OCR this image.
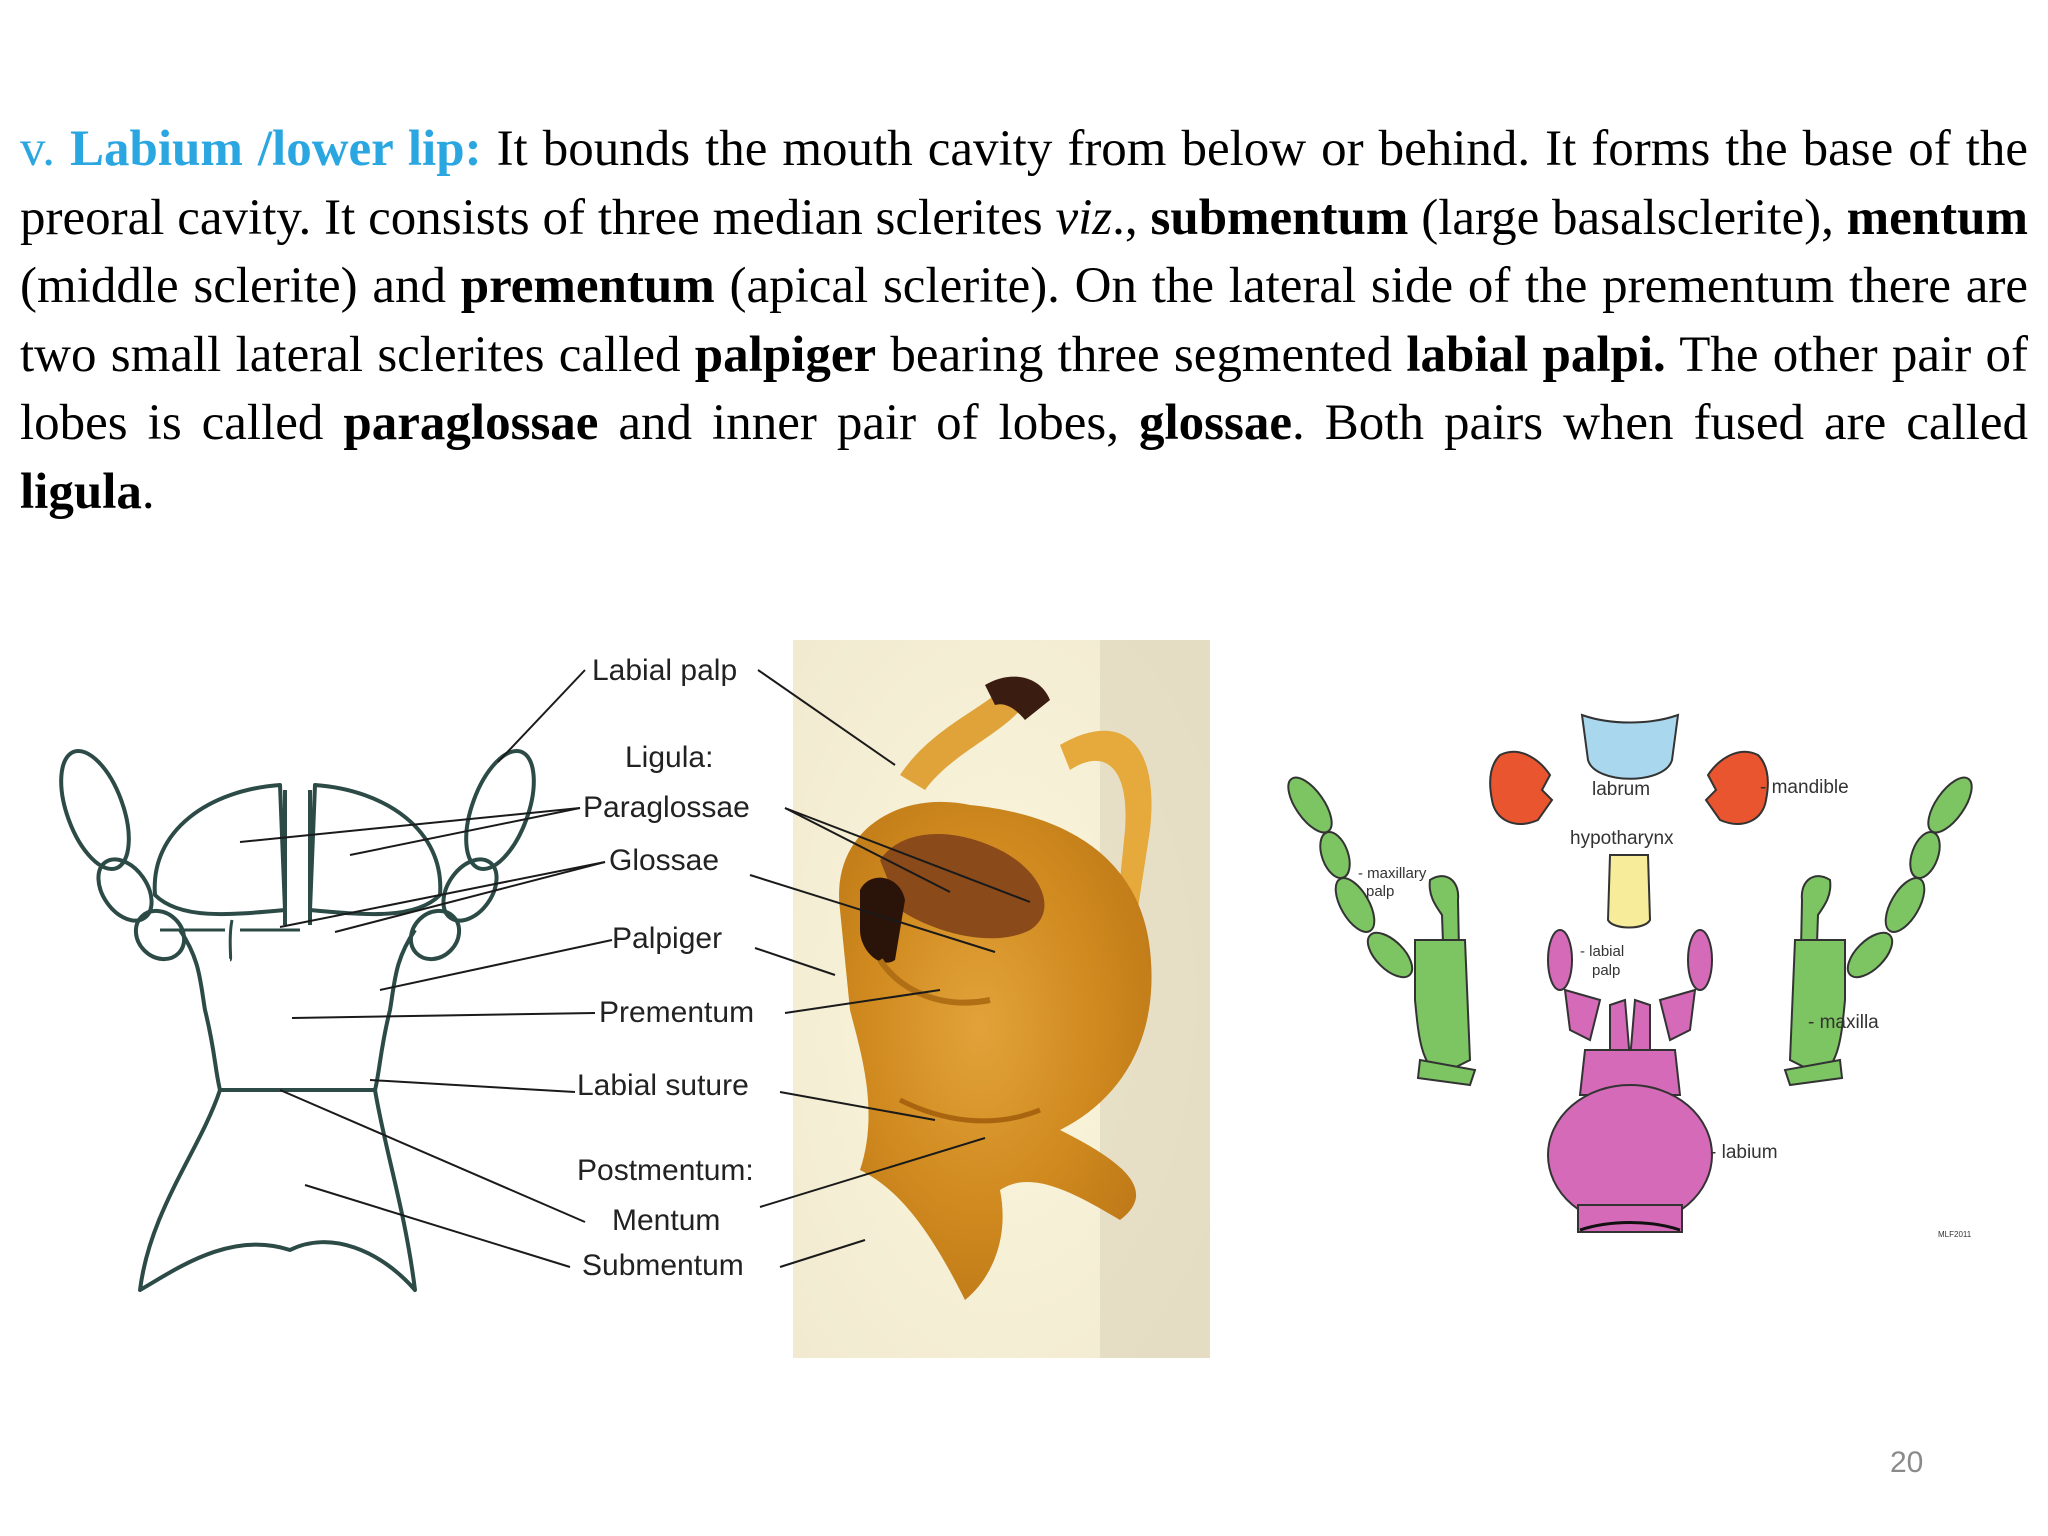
v. Labium /lower lip: It bounds the mouth cavity from below or behind. It forms the base of the preoral cavity. It consists of three median sclerites viz., submentum (large basalsclerite), mentum (middle sclerite) and prementum (apical sclerite). On the lateral side of the prementum there are two small lateral sclerites called palpiger bearing three segmented labial palpi. The other pair of lobes is called paraglossae and inner pair of lobes, glossae. Both pairs when fused are called ligula.

Labial palp
Ligula:
Paraglossae
Glossae
Palpiger
Prementum
Labial suture
Postmentum:
Mentum
Submentum
labrum	- mandible
hypotharynx
- maxillary
palp
- labial
palp
- maxilla
- labium
MLF2011
20
